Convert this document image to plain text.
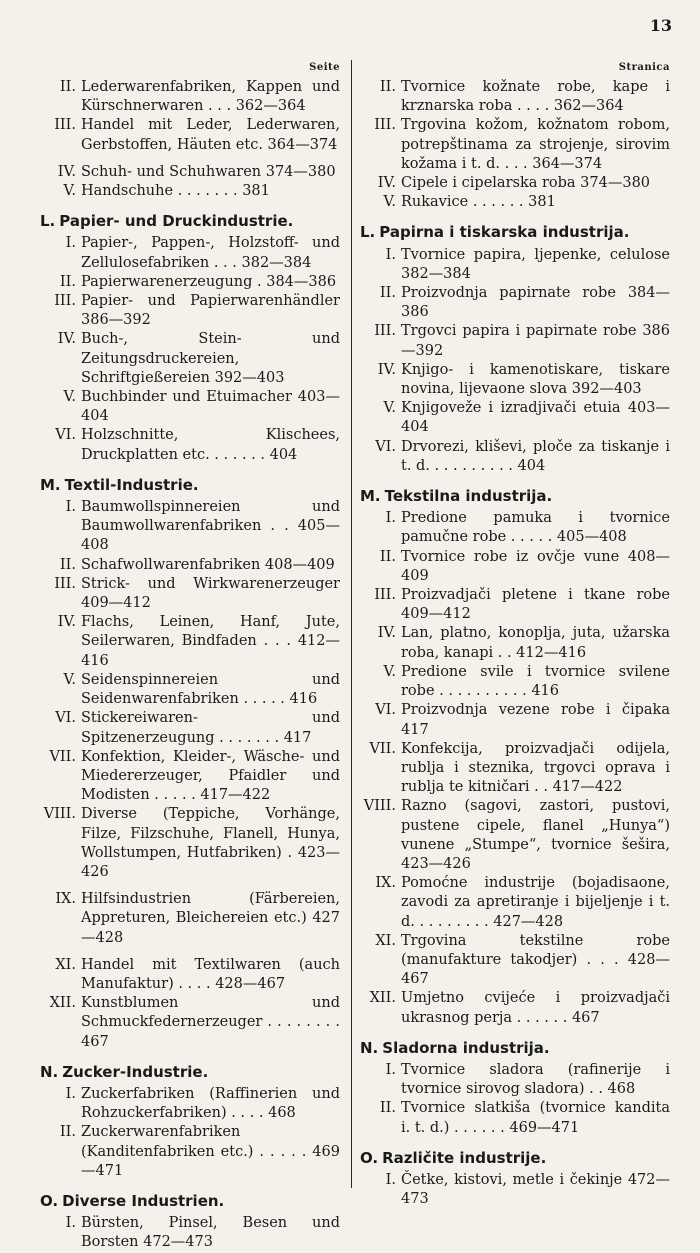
13
Seite
II. Lederwarenfabriken, Kappen und Kürschnerwaren . . . 362—364
III. Handel mit Leder, Lederwaren, Gerbstoffen, Häuten etc. 364—374
IV. Schuh- und Schuhwaren 374—380
V. Handschuhe . . . . . . . 381
L. Papier- und Druckindustrie.
I. Papier-, Pappen-, Holzstoff- und Zellulosefabriken . . . 382—384
II. Papierwarenerzeugung . 384—386
III. Papier- und Papierwarenhändler 386—392
IV. Buch-, Stein- und Zeitungsdruckereien, Schriftgießereien 392—403
V. Buchbinder und Etuimacher 403—404
VI. Holzschnitte, Klischees, Druckplatten etc. . . . . . . 404
M. Textil-Industrie.
I. Baumwollspinnereien und Baumwollwarenfabriken . . 405—408
II. Schafwollwarenfabriken 408—409
III. Strick- und Wirkwarenerzeuger 409—412
IV. Flachs, Leinen, Hanf, Jute, Seilerwaren, Bindfaden . . . 412—416
V. Seidenspinnereien und Seidenwarenfabriken . . . . . 416
VI. Stickereiwaren- und Spitzenerzeugung . . . . . . . 417
VII. Konfektion, Kleider-, Wäsche- und Miedererzeuger, Pfaidler und Modisten . . . . . 417—422
VIII. Diverse (Teppiche, Vorhänge, Filze, Filzschuhe, Flanell, Hunya, Wollstumpen, Hutfabriken) . 423—426
IX. Hilfsindustrien (Färbereien, Appreturen, Bleichereien etc.) 427—428
XI. Handel mit Textilwaren (auch Manufaktur) . . . . 428—467
XII. Kunstblumen und Schmuckfedernerzeuger . . . . . . . . 467
N. Zucker-Industrie.
I. Zuckerfabriken (Raffinerien und Rohzuckerfabriken) . . . . 468
II. Zuckerwarenfabriken (Kanditenfabriken etc.) . . . . . 469—471
O. Diverse Industrien.
I. Bürsten, Pinsel, Besen und Borsten 472—473
Stranica
II. Tvornice kožnate robe, kape i krznarska roba . . . . 362—364
III. Trgovina kožom, kožnatom robom, potrepštinama za strojenje, sirovim kožama i t. d. . . . 364—374
IV. Cipele i cipelarska roba 374—380
V. Rukavice . . . . . . 381
L. Papirna i tiskarska industrija.
I. Tvornice papira, ljepenke, celulose 382—384
II. Proizvodnja papirnate robe 384—386
III. Trgovci papira i papirnate robe 386—392
IV. Knjigo- i kamenotiskare, tiskare novina, lijevaone slova 392—403
V. Knjigoveže i izradjivači etuia 403—404
VI. Drvorezi, kliševi, ploče za tiskanje i t. d. . . . . . . . . . 404
M. Tekstilna industrija.
I. Predione pamuka i tvornice pamučne robe . . . . . 405—408
II. Tvornice robe iz ovčje vune 408—409
III. Proizvadjači pletene i tkane robe 409—412
IV. Lan, platno, konoplja, juta, užarska roba, kanapi . . 412—416
V. Predione svile i tvornice svilene robe . . . . . . . . . . 416
VI. Proizvodnja vezene robe i čipaka 417
VII. Konfekcija, proizvadjači odijela, rublja i steznika, trgovci oprava i rublja te kitničari . . 417—422
VIII. Razno (sagovi, zastori, pustovi, pustene cipele, flanel „Hunya“) vunene „Stumpe“, tvornice šešira, 423—426
IX. Pomoćne industrije (bojadisaone, zavodi za apretiranje i bijeljenje i t. d. . . . . . . . . 427—428
XI. Trgovina tekstilne robe (manufakture takodjer) . . . 428—467
XII. Umjetno cvijeće i proizvadjači ukrasnog perja . . . . . . 467
N. Sladorna industrija.
I. Tvornice sladora (rafinerije i tvornice sirovog sladora) . . 468
II. Tvornice slatkiša (tvornice kandita i. t. d.) . . . . . . 469—471
O. Različite industrije.
I. Četke, kistovi, metle i čekinje 472—473
